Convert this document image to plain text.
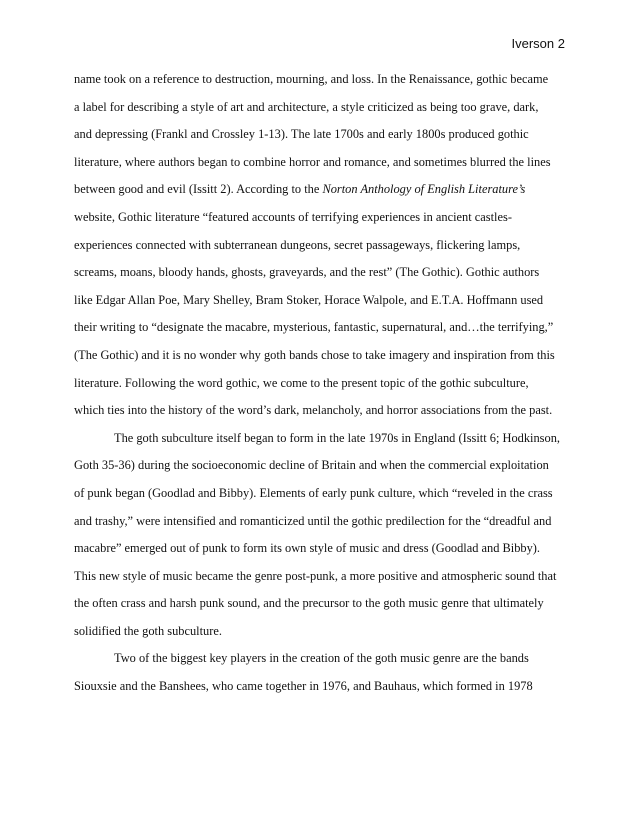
Iverson 2
name took on a reference to destruction, mourning, and loss. In the Renaissance, gothic became
a label for describing a style of art and architecture, a style criticized as being too grave, dark,
and depressing (Frankl and Crossley 1-13). The late 1700s and early 1800s produced gothic
literature, where authors began to combine horror and romance, and sometimes blurred the lines
between good and evil (Issitt 2). According to the Norton Anthology of English Literature’s
website, Gothic literature “featured accounts of terrifying experiences in ancient castles-
experiences connected with subterranean dungeons, secret passageways, flickering lamps,
screams, moans, bloody hands, ghosts, graveyards, and the rest” (The Gothic). Gothic authors
like Edgar Allan Poe, Mary Shelley, Bram Stoker, Horace Walpole, and E.T.A. Hoffmann used
their writing to “designate the macabre, mysterious, fantastic, supernatural, and…the terrifying,”
(The Gothic) and it is no wonder why goth bands chose to take imagery and inspiration from this
literature. Following the word gothic, we come to the present topic of the gothic subculture,
which ties into the history of the word’s dark, melancholy, and horror associations from the past.
The goth subculture itself began to form in the late 1970s in England (Issitt 6; Hodkinson,
Goth 35-36) during the socioeconomic decline of Britain and when the commercial exploitation
of punk began (Goodlad and Bibby). Elements of early punk culture, which “reveled in the crass
and trashy,” were intensified and romanticized until the gothic predilection for the “dreadful and
macabre” emerged out of punk to form its own style of music and dress (Goodlad and Bibby).
This new style of music became the genre post-punk, a more positive and atmospheric sound that
the often crass and harsh punk sound, and the precursor to the goth music genre that ultimately
solidified the goth subculture.
Two of the biggest key players in the creation of the goth music genre are the bands
Siouxsie and the Banshees, who came together in 1976, and Bauhaus, which formed in 1978
